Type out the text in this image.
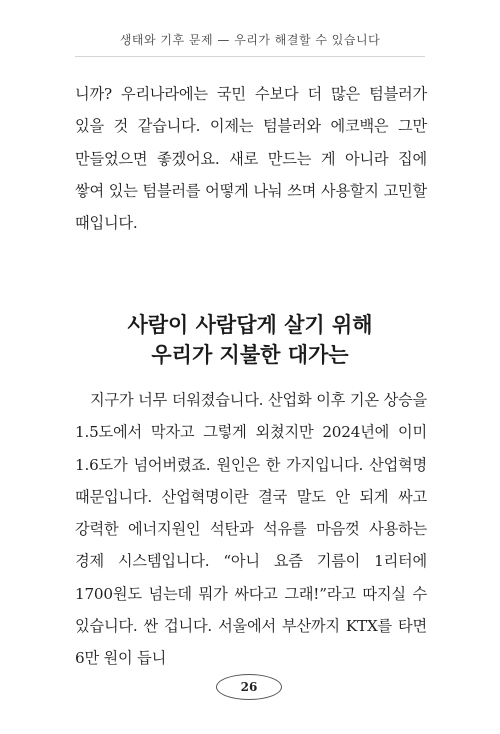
생태와 기후 문제 — 우리가 해결할 수 있습니다

니까? 우리나라에는 국민 수보다 더 많은 텀블러가 있을 것 같습니다. 이제는 텀블러와 에코백은 그만 만들었으면 좋겠어요. 새로 만드는 게 아니라 집에 쌓여 있는 텀블러를 어떻게 나눠 쓰며 사용할지 고민할 때입니다.

사람이 사람답게 살기 위해
우리가 지불한 대가는

지구가 너무 더워졌습니다. 산업화 이후 기온 상승을 1.5도에서 막자고 그렇게 외쳤지만 2024년에 이미 1.6도가 넘어버렸죠. 원인은 한 가지입니다. 산업혁명 때문입니다. 산업혁명이란 결국 말도 안 되게 싸고 강력한 에너지원인 석탄과 석유를 마음껏 사용하는 경제 시스템입니다. “아니 요즘 기름이 1리터에 1700원도 넘는데 뭐가 싸다고 그래!”라고 따지실 수 있습니다. 싼 겁니다. 서울에서 부산까지 KTX를 타면 6만 원이 듭니

26
